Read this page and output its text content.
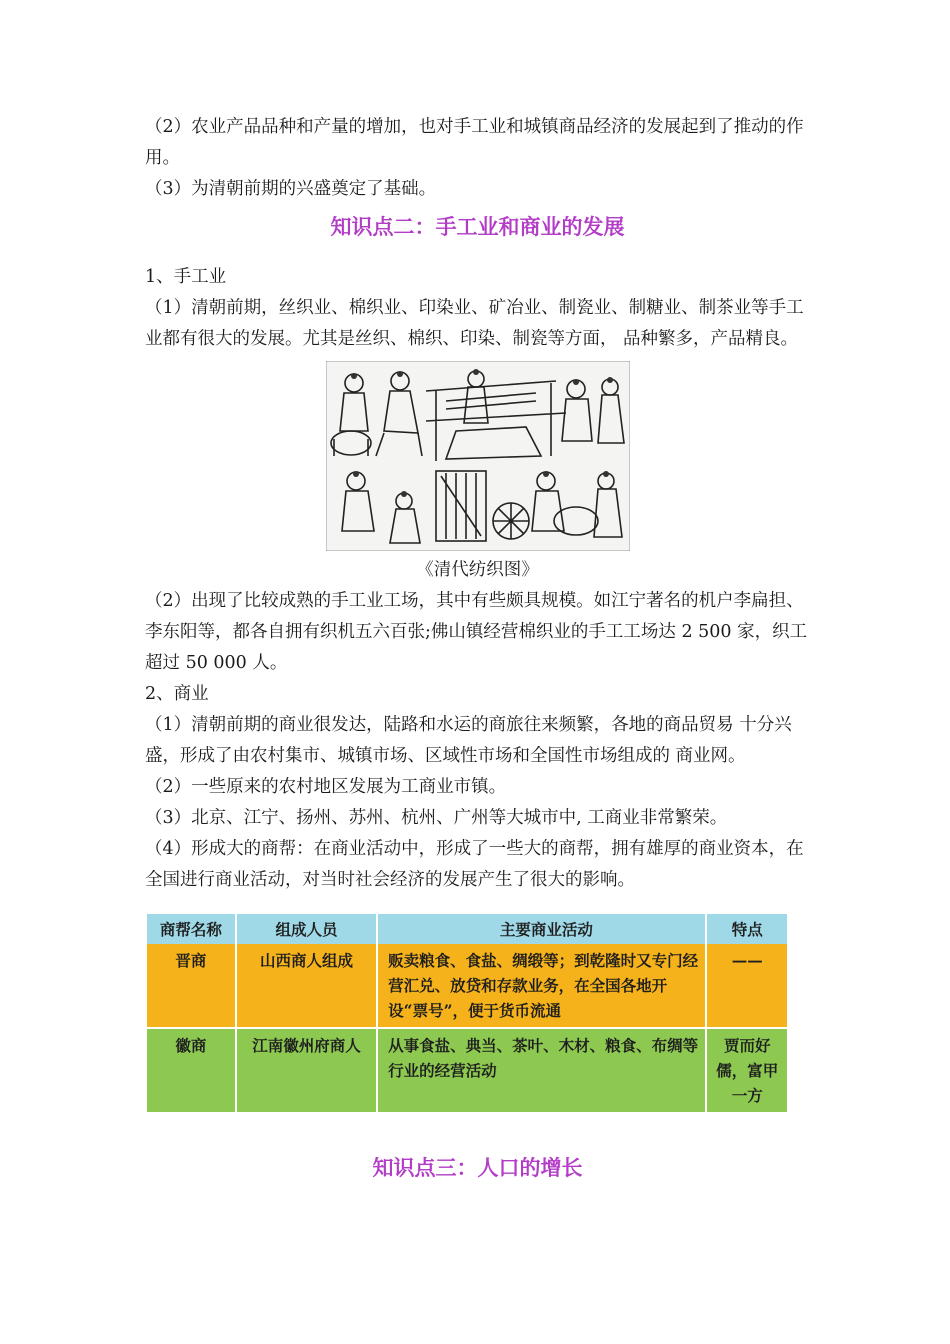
（2）农业产品品种和产量的增加，也对手工业和城镇商品经济的发展起到了推动的作用。

（3）为清朝前期的兴盛奠定了基础。

知识点二：手工业和商业的发展

1、手工业

（1）清朝前期，丝织业、棉织业、印染业、矿冶业、制瓷业、制糖业、制茶业等手工业都有很大的发展。尤其是丝织、棉织、印染、制瓷等方面， 品种繁多，产品精良。

《清代纺织图》

（2）出现了比较成熟的手工业工场，其中有些颇具规模。如江宁著名的机户李扁担、 李东阳等，都各自拥有织机五六百张;佛山镇经营棉织业的手工工场达 2 500 家，织工超过 50 000 人。

2、商业

（1）清朝前期的商业很发达，陆路和水运的商旅往来频繁，各地的商品贸易 十分兴盛，形成了由农村集市、城镇市场、区域性市场和全国性市场组成的 商业网。

（2）一些原来的农村地区发展为工商业市镇。

（3）北京、江宁、扬州、苏州、杭州、广州等大城市中, 工商业非常繁荣。

（4）形成大的商帮：在商业活动中，形成了一些大的商帮，拥有雄厚的商业资本，在全国进行商业活动，对当时社会经济的发展产生了很大的影响。

商帮名称	组成人员	主要商业活动	特点
晋商	山西商人组成	贩卖粮食、食盐、绸缎等；到乾隆时又专门经营汇兑、放贷和存款业务，在全国各地开设“票号”，便于货币流通	——
徽商	江南徽州府商人	从事食盐、典当、茶叶、木材、粮食、布绸等行业的经营活动	贾而好儒，富甲一方
知识点三：人口的增长
